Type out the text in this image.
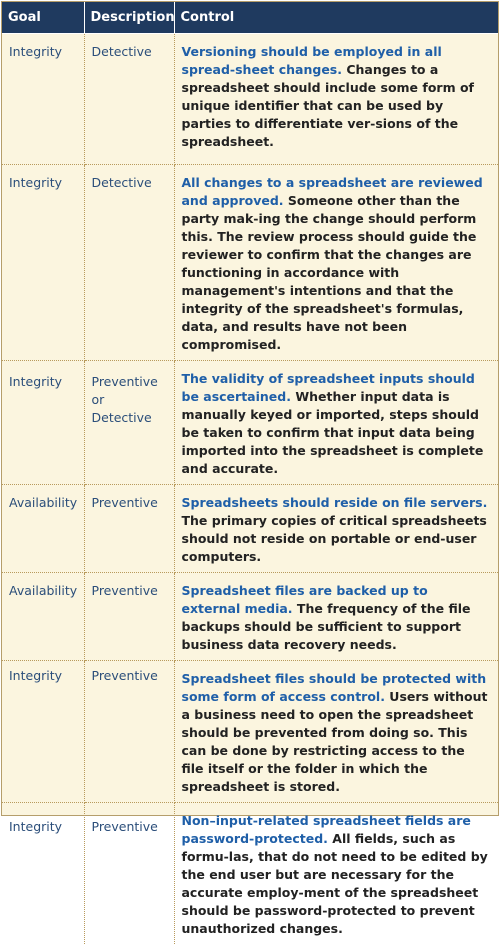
Goal	Description	Control
Integrity	Detective	Versioning should be employed in all spread-sheet changes. Changes to a spreadsheet should include some form of unique identifier that can be used by parties to differentiate ver-sions of the spreadsheet.
Integrity	Detective	All changes to a spreadsheet are reviewed and approved. Someone other than the party mak-ing the change should perform this. The review process should guide the reviewer to confirm that the changes are functioning in accordance with management's intentions and that the integrity of the spreadsheet's formulas, data, and results have not been compromised.
Integrity	Preventive or Detective	The validity of spreadsheet inputs should be ascertained. Whether input data is manually keyed or imported, steps should be taken to confirm that input data being imported into the spreadsheet is complete and accurate.
Availability	Preventive	Spreadsheets should reside on file servers. The primary copies of critical spreadsheets should not reside on portable or end-user computers.
Availability	Preventive	Spreadsheet files are backed up to external media. The frequency of the file backups should be sufficient to support business data recovery needs.
Integrity	Preventive	Spreadsheet files should be protected with some form of access control. Users without a business need to open the spreadsheet should be prevented from doing so. This can be done by restricting access to the file itself or the folder in which the spreadsheet is stored.
Integrity	Preventive	Non–input-related spreadsheet fields are password-protected. All fields, such as formu-las, that do not need to be edited by the end user but are necessary for the accurate employ-ment of the spreadsheet should be password-protected to prevent unauthorized changes.
